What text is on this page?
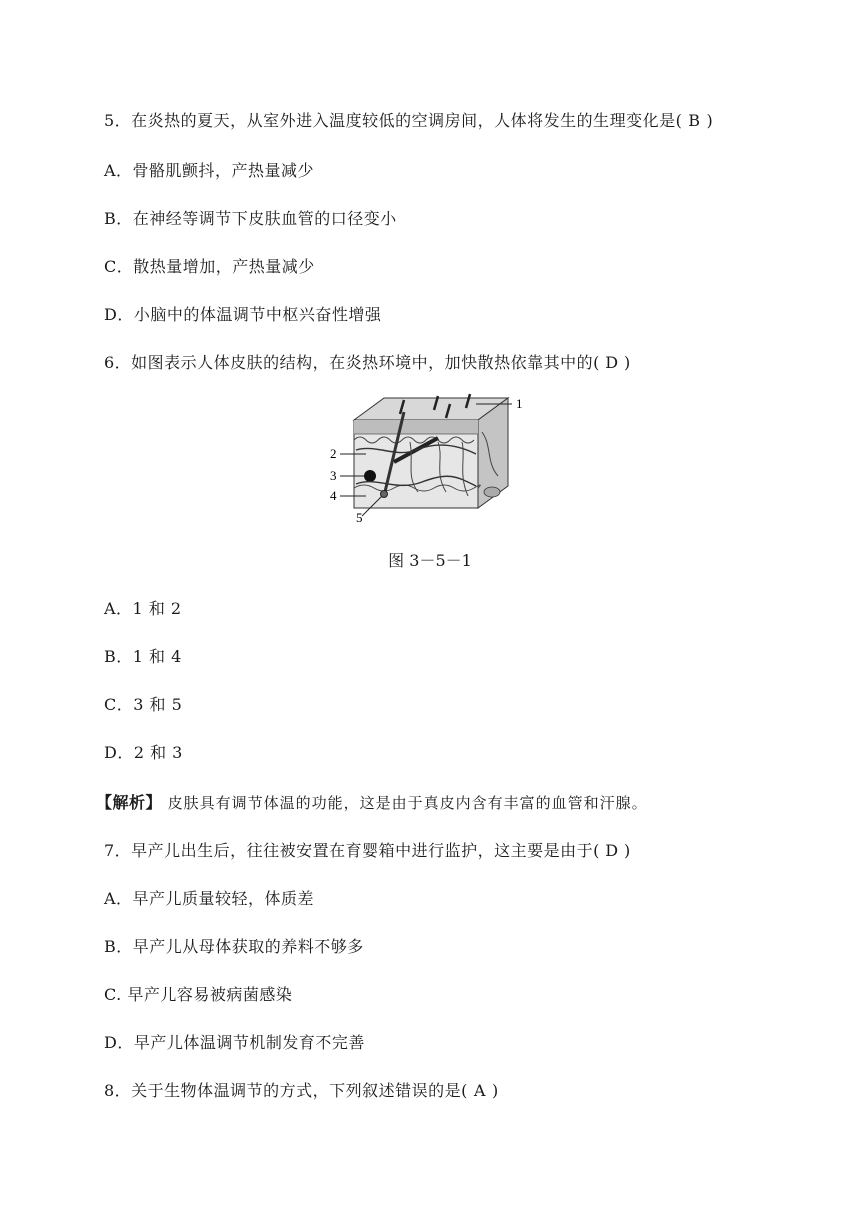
5．在炎热的夏天，从室外进入温度较低的空调房间，人体将发生的生理变化是( B )
A．骨骼肌颤抖，产热量减少
B．在神经等调节下皮肤血管的口径变小
C．散热量增加，产热量减少
D．小脑中的体温调节中枢兴奋性增强
6．如图表示人体皮肤的结构，在炎热环境中，加快散热依靠其中的( D )
1
2
3
4
5
图 3－5－1
A．1 和 2
B．1 和 4
C．3 和 5
D．2 和 3
【解析】 皮肤具有调节体温的功能，这是由于真皮内含有丰富的血管和汗腺。
7．早产儿出生后，往往被安置在育婴箱中进行监护，这主要是由于( D )
A．早产儿质量较轻，体质差
B．早产儿从母体获取的养料不够多
C. 早产儿容易被病菌感染
D．早产儿体温调节机制发育不完善
8．关于生物体温调节的方式，下列叙述错误的是( A )
